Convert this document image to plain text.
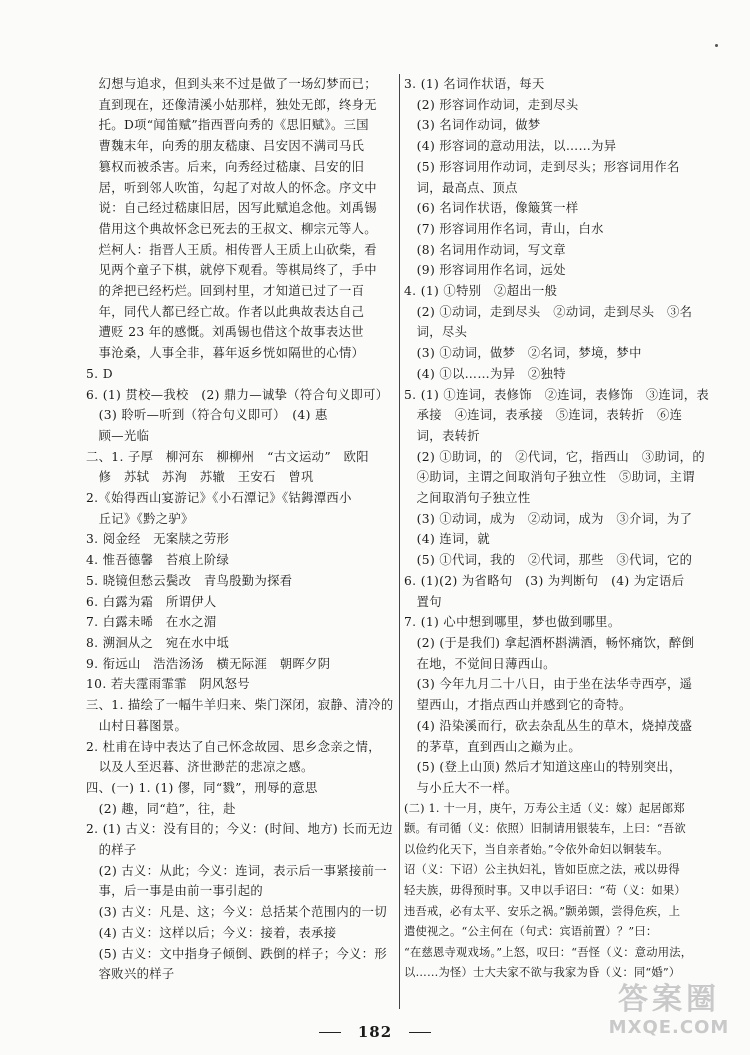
　幻想与追求，但到头来不过是做了一场幻梦而已；
　直到现在，还像清溪小姑那样，独处无郎，终身无
　托。D项“闻笛赋”指西晋向秀的《思旧赋》。三国
　曹魏末年，向秀的朋友嵇康、吕安因不满司马氏
　篡权而被杀害。后来，向秀经过嵇康、吕安的旧
　居，听到邻人吹笛，勾起了对故人的怀念。序文中
　说：自己经过嵇康旧居，因写此赋追念他。刘禹锡
　借用这个典故怀念已死去的王叔文、柳宗元等人。
　烂柯人：指晋人王质。相传晋人王质上山砍柴，看
　见两个童子下棋，就停下观看。等棋局终了，手中
　的斧把已经朽烂。回到村里，才知道已过了一百
　年，同代人都已经亡故。作者以此典故表达自己
　遭贬 23 年的感慨。刘禹锡也借这个故事表达世
　事沧桑，人事全非，暮年返乡恍如隔世的心情）
5. D
6. (1) 贯校—我校　(2) 鼎力—诚挚（符合句义即可）
　(3) 聆听—听到（符合句义即可）　(4) 惠
　顾—光临
二、1. 子厚　柳河东　柳柳州　“古文运动”　欧阳
　修　苏轼　苏洵　苏辙　王安石　曾巩
2.《始得西山宴游记》《小石潭记》《钴鉧潭西小
　丘记》《黔之驴》
3. 阅金经　无案牍之劳形
4. 惟吾德馨　苔痕上阶绿
5. 晓镜但愁云鬓改　青鸟殷勤为探看
6. 白露为霜　所谓伊人
7. 白露未晞　在水之湄
8. 溯洄从之　宛在水中坻
9. 衔远山　浩浩汤汤　横无际涯　朝晖夕阴
10. 若夫霪雨霏霏　阴风怒号
三、1. 描绘了一幅牛羊归来、柴门深闭，寂静、清冷的
　山村日暮图景。
2. 杜甫在诗中表达了自己怀念故园、思乡念亲之情，
　以及人至迟暮、济世渺茫的悲凉之感。
四、(一) 1. (1) 僇，同“戮”，刑辱的意思
　(2) 趣，同“趋”，往，赴
2. (1) 古义：没有目的；今义：(时间、地方) 长而无边
　的样子
　(2) 古义：从此；今义：连词，表示后一事紧接前一
　事，后一事是由前一事引起的
　(3) 古义：凡是、这；今义：总括某个范围内的一切
　(4) 古义：这样以后；今义：接着，表承接
　(5) 古义：文中指身子倾倒、跌倒的样子；今义：形
　容败兴的样子
3. (1) 名词作状语，每天
　(2) 形容词作动词，走到尽头
　(3) 名词作动词，做梦
　(4) 形容词的意动用法，以……为异
　(5) 形容词用作动词，走到尽头；形容词用作名
　词，最高点、顶点
　(6) 名词作状语，像簸箕一样
　(7) 形容词用作名词，青山，白水
　(8) 名词用作动词，写文章
　(9) 形容词用作名词，远处
4. (1) ①特别　②超出一般
　(2) ①动词，走到尽头　②动词，走到尽头　③名
　词，尽头
　(3) ①动词，做梦　②名词，梦境，梦中
　(4) ①以……为异　②独特
5. (1) ①连词，表修饰　②连词，表修饰　③连词，表
　承接　④连词，表承接　⑤连词，表转折　⑥连
　词，表转折
　(2) ①助词，的　②代词，它，指西山　③助词，的
　④助词，主谓之间取消句子独立性　⑤助词，主谓
　之间取消句子独立性
　(3) ①动词，成为　②动词，成为　③介词，为了
　(4) 连词，就
　(5) ①代词，我的　②代词，那些　③代词，它的
6. (1)(2) 为省略句　(3) 为判断句　(4) 为定语后
　置句
7. (1) 心中想到哪里，梦也做到哪里。
　(2) (于是我们) 拿起酒杯斟满酒，畅怀痛饮，醉倒
　在地，不觉间日薄西山。
　(3) 今年九月二十八日，由于坐在法华寺西亭，遥
　望西山，才指点西山并感到它的奇特。
　(4) 沿染溪而行，砍去杂乱丛生的草木，烧掉茂盛
　的茅草，直到西山之巅为止。
　(5) (登上山顶) 然后才知道这座山的特别突出，
　与小丘大不一样。
(二) 1. 十一月，庚午，万寿公主适（义：嫁）起居郎郑
颢。有司循（义：依照）旧制请用银装车，上曰：“吾欲
以俭约化天下，当自亲者始。”令依外命妇以铜装车。
诏（义：下诏）公主执妇礼，皆如臣庶之法，戒以毋得
轻夫族，毋得预时事。又申以手诏曰：“苟（义：如果）
违吾戒，必有太平、安乐之祸。”颢弟顗，尝得危疾，上
遣使视之。“公主何在（句式：宾语前置）？”曰：
“在慈恩寺观戏场。”上怒，叹曰：“吾怪（义：意动用法，
以……为怪）士大夫家不欲与我家为昏（义：同“婚”）
182
答案圈
MXQE.COM
